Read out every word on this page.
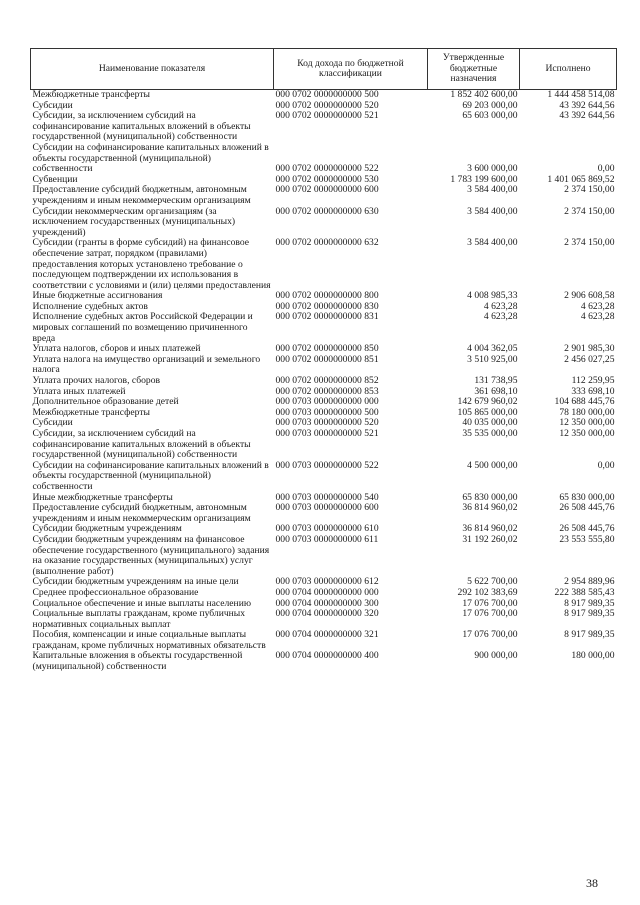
Наименование показателя	Код дохода по бюджетной классификации	Утвержденные бюджетные назначения	Исполнено
Межбюджетные трансферты	000 0702 0000000000 500	1 852 402 600,00	1 444 458 514,08
Субсидии	000 0702 0000000000 520	69 203 000,00	43 392 644,56
Субсидии, за исключением субсидий на софинансирование капитальных вложений в объекты государственной (муниципальной) собственности	000 0702 0000000000 521	65 603 000,00	43 392 644,56
Субсидии на софинансирование капитальных вложений в объекты государственной (муниципальной) собственности	000 0702 0000000000 522	3 600 000,00	0,00
Субвенции	000 0702 0000000000 530	1 783 199 600,00	1 401 065 869,52
Предоставление субсидий бюджетным, автономным учреждениям и иным некоммерческим организациям	000 0702 0000000000 600	3 584 400,00	2 374 150,00
Субсидии некоммерческим организациям (за исключением государственных (муниципальных) учреждений)	000 0702 0000000000 630	3 584 400,00	2 374 150,00
Субсидии (гранты в форме субсидий) на финансовое обеспечение затрат, порядком (правилами) предоставления которых установлено требование о последующем подтверждении их использования в соответствии с условиями и (или) целями предоставления	000 0702 0000000000 632	3 584 400,00	2 374 150,00
Иные бюджетные ассигнования	000 0702 0000000000 800	4 008 985,33	2 906 608,58
Исполнение судебных актов	000 0702 0000000000 830	4 623,28	4 623,28
Исполнение судебных актов Российской Федерации и мировых соглашений по возмещению причиненного вреда	000 0702 0000000000 831	4 623,28	4 623,28
Уплата налогов, сборов и иных платежей	000 0702 0000000000 850	4 004 362,05	2 901 985,30
Уплата налога на имущество организаций и земельного налога	000 0702 0000000000 851	3 510 925,00	2 456 027,25
Уплата прочих налогов, сборов	000 0702 0000000000 852	131 738,95	112 259,95
Уплата иных платежей	000 0702 0000000000 853	361 698,10	333 698,10
Дополнительное образование детей	000 0703 0000000000 000	142 679 960,02	104 688 445,76
Межбюджетные трансферты	000 0703 0000000000 500	105 865 000,00	78 180 000,00
Субсидии	000 0703 0000000000 520	40 035 000,00	12 350 000,00
Субсидии, за исключением субсидий на софинансирование капитальных вложений в объекты государственной (муниципальной) собственности	000 0703 0000000000 521	35 535 000,00	12 350 000,00
Субсидии на софинансирование капитальных вложений в объекты государственной (муниципальной) собственности	000 0703 0000000000 522	4 500 000,00	0,00
Иные межбюджетные трансферты	000 0703 0000000000 540	65 830 000,00	65 830 000,00
Предоставление субсидий бюджетным, автономным учреждениям и иным некоммерческим организациям	000 0703 0000000000 600	36 814 960,02	26 508 445,76
Субсидии бюджетным учреждениям	000 0703 0000000000 610	36 814 960,02	26 508 445,76
Субсидии бюджетным учреждениям на финансовое обеспечение государственного (муниципального) задания на оказание государственных (муниципальных) услуг (выполнение работ)	000 0703 0000000000 611	31 192 260,02	23 553 555,80
Субсидии бюджетным учреждениям на иные цели	000 0703 0000000000 612	5 622 700,00	2 954 889,96
Среднее профессиональное образование	000 0704 0000000000 000	292 102 383,69	222 388 585,43
Социальное обеспечение и иные выплаты населению	000 0704 0000000000 300	17 076 700,00	8 917 989,35
Социальные выплаты гражданам, кроме публичных нормативных социальных выплат	000 0704 0000000000 320	17 076 700,00	8 917 989,35
Пособия, компенсации и иные социальные выплаты гражданам, кроме публичных нормативных обязательств	000 0704 0000000000 321	17 076 700,00	8 917 989,35
Капитальные вложения в объекты государственной (муниципальной) собственности	000 0704 0000000000 400	900 000,00	180 000,00
38
